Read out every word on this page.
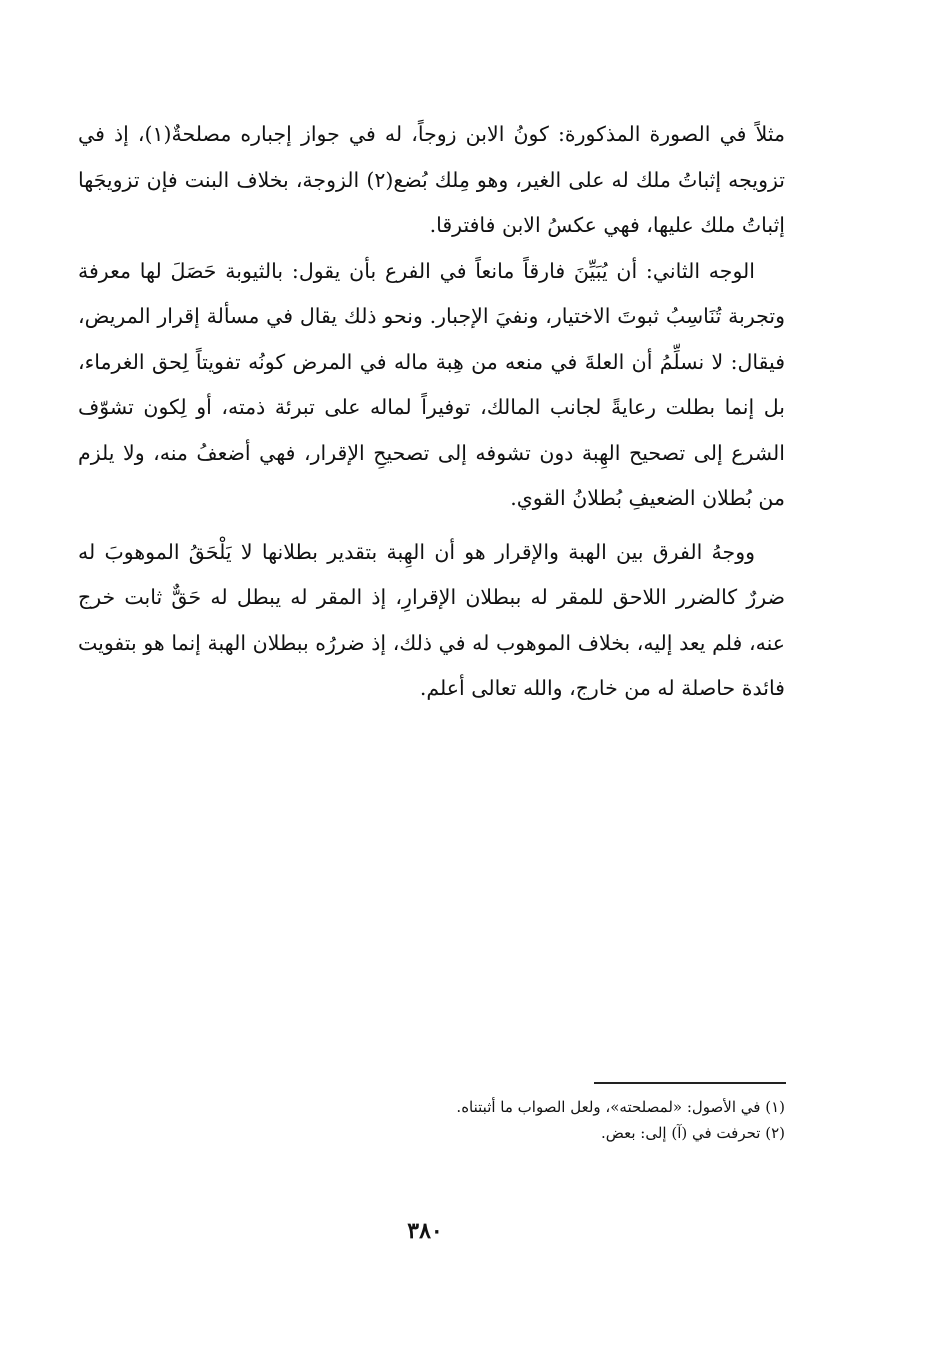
مثلاً في الصورة المذكورة: كونُ الابن زوجاً، له في جواز إجباره مصلحةٌ(١)، إذ في تزويجه إثباتُ ملك له على الغير، وهو مِلك بُضع(٢) الزوجة، بخلاف البنت فإن تزويجَها إثباتُ ملك عليها، فهي عكسُ الابن فافترقا.

الوجه الثاني: أن يُبَيِّنَ فارقاً مانعاً في الفرع بأن يقول: بالثيوبة حَصَلَ لها معرفة وتجربة تُنَاسِبُ ثبوتَ الاختيار، ونفيَ الإجبار. ونحو ذلك يقال في مسألة إقرار المريض، فيقال: لا نسلِّمُ أن العلةَ في منعه من هِبة ماله في المرض كونُه تفويتاً لِحق الغرماء، بل إنما بطلت رعايةً لجانب المالك، توفيراً لماله على تبرئة ذمته، أو لِكون تشوّف الشرع إلى تصحيح الهِبة دون تشوفه إلى تصحيحِ الإقرار، فهي أضعفُ منه، ولا يلزم من بُطلان الضعيفِ بُطلانُ القوي.

ووجهُ الفرق بين الهبة والإقرار هو أن الهِبة بتقدير بطلانها لا يَلْحَقُ الموهوبَ له ضررٌ كالضرر اللاحق للمقر له ببطلان الإقرارِ، إذ المقر له يبطل له حَقٌّ ثابت خرج عنه، فلم يعد إليه، بخلاف الموهوب له في ذلك، إذ ضررُه ببطلان الهبة إنما هو بتفويت فائدة حاصلة له من خارج، والله تعالى أعلم.

(١) في الأصول: «لمصلحته»، ولعل الصواب ما أثبتناه.

(٢) تحرفت في (آ) إلى: بعض.

٣٨٠
